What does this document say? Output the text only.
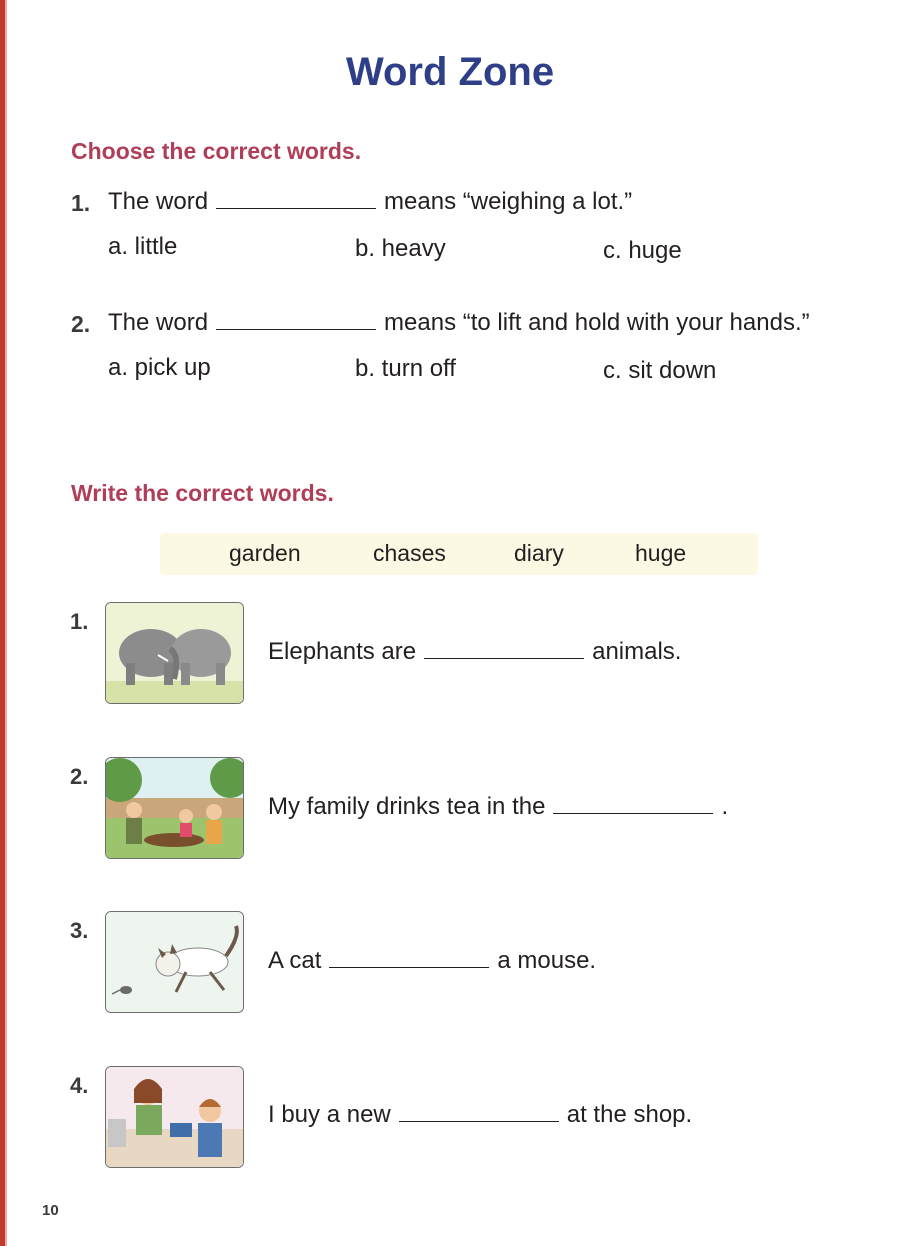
Word Zone
Choose the correct words.
1. The word	means “weighing a lot.”
a. little	b. heavy	c. huge
2. The word	means “to lift and hold with your hands.”
a. pick up	b. turn off	c. sit down
Write the correct words.
garden	chases	diary	huge
1.
Elephants are	animals.
2.
My family drinks tea in the	.
3.
A cat	a mouse.
4.
I buy a new	at the shop.
10
